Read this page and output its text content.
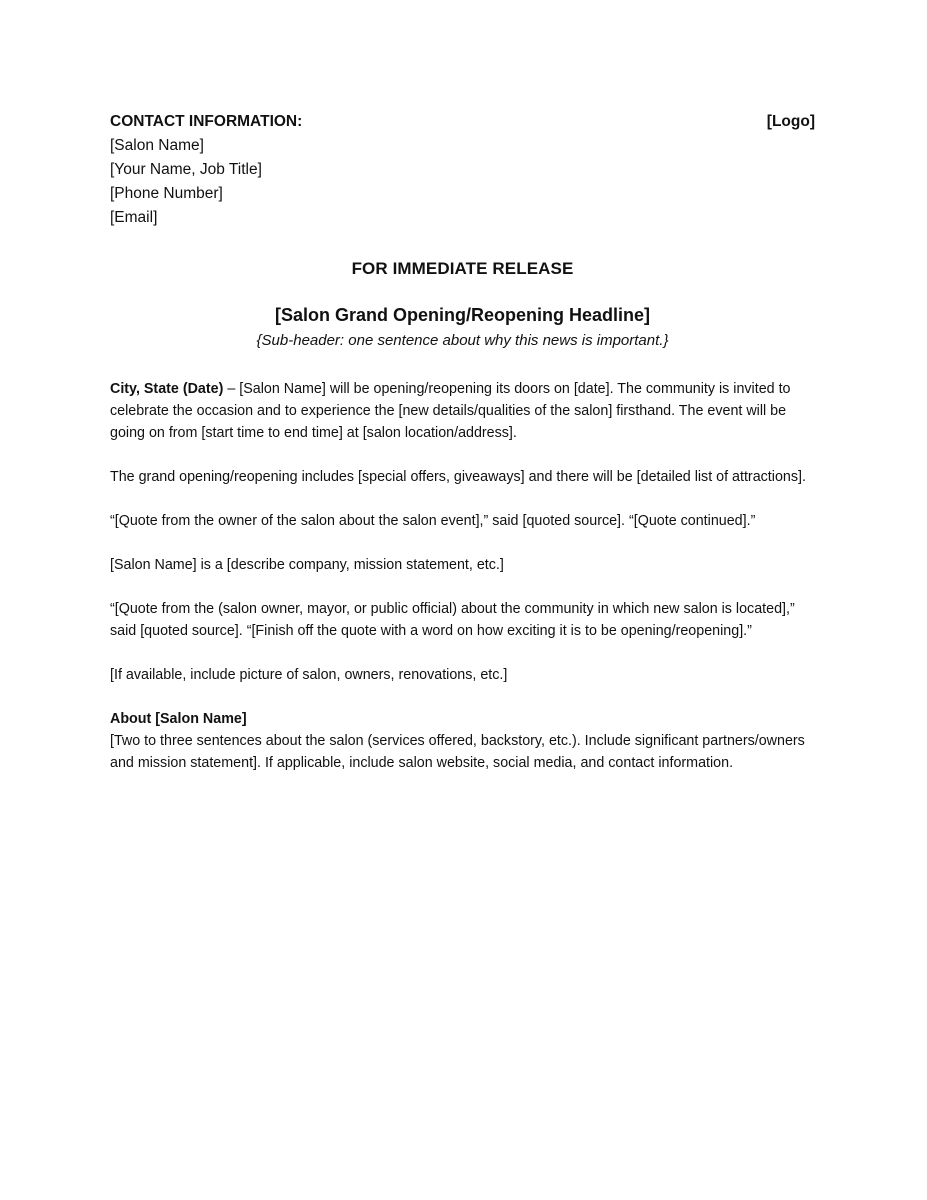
CONTACT INFORMATION:	[Logo]

[Salon Name]

[Your Name, Job Title]

[Phone Number]

[Email]

FOR IMMEDIATE RELEASE
[Salon Grand Opening/Reopening Headline]
{Sub-header: one sentence about why this news is important.}

City, State (Date) – [Salon Name] will be opening/reopening its doors on [date]. The community is invited to celebrate the occasion and to experience the [new details/qualities of the salon] firsthand. The event will be going on from [start time to end time] at [salon location/address].

The grand opening/reopening includes [special offers, giveaways] and there will be [detailed list of attractions].

“[Quote from the owner of the salon about the salon event],” said [quoted source]. “[Quote continued].”

[Salon Name] is a [describe company, mission statement, etc.]

“[Quote from the (salon owner, mayor, or public official) about the community in which new salon is located],” said [quoted source]. “[Finish off the quote with a word on how exciting it is to be opening/reopening].”

[If available, include picture of salon, owners, renovations, etc.]

About [Salon Name]

[Two to three sentences about the salon (services offered, backstory, etc.). Include significant partners/owners and mission statement]. If applicable, include salon website, social media, and contact information.
